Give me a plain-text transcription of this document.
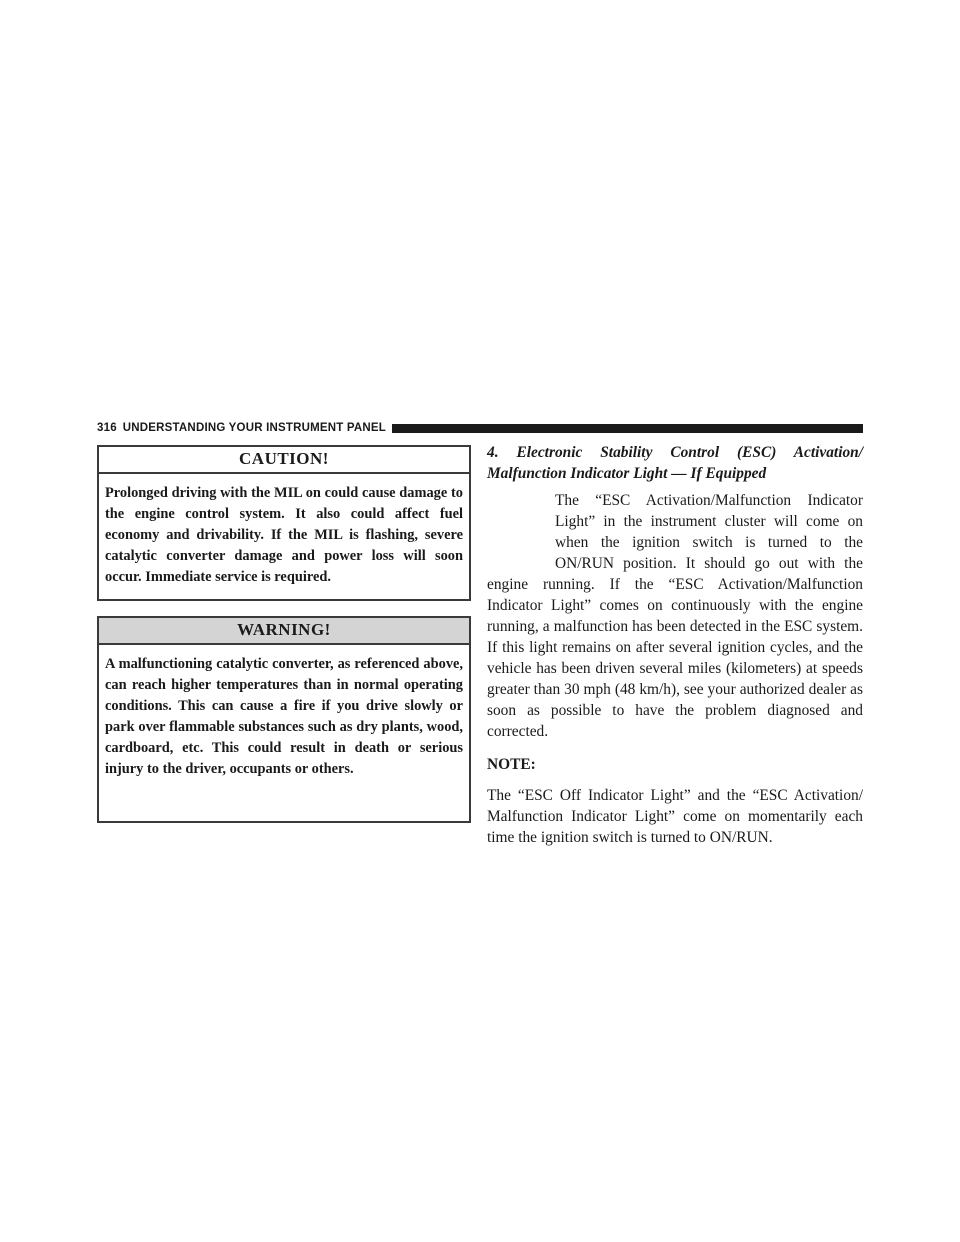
316 UNDERSTANDING YOUR INSTRUMENT PANEL
CAUTION!
Prolonged driving with the MIL on could cause damage to the engine control system. It also could affect fuel economy and drivability. If the MIL is flashing, severe catalytic converter damage and power loss will soon occur. Immediate service is required.
WARNING!
A malfunctioning catalytic converter, as referenced above, can reach higher temperatures than in normal operating conditions. This can cause a fire if you drive slowly or park over flammable substances such as dry plants, wood, cardboard, etc. This could result in death or serious injury to the driver, occupants or others.

4. Electronic Stability Control (ESC) Activation/ Malfunction Indicator Light — If Equipped

The “ESC Activation/Malfunction Indicator Light” in the instrument cluster will come on when the ignition switch is turned to the ON/RUN position. It should go out with the engine running. If the “ESC Activation/Malfunction Indicator Light” comes on continuously with the engine running, a malfunction has been detected in the ESC system. If this light remains on after several ignition cycles, and the vehicle has been driven several miles (kilometers) at speeds greater than 30 mph (48 km/h), see your authorized dealer as soon as possible to have the problem diagnosed and corrected.

NOTE:

The “ESC Off Indicator Light” and the “ESC Activation/ Malfunction Indicator Light” come on momentarily each time the ignition switch is turned to ON/RUN.
